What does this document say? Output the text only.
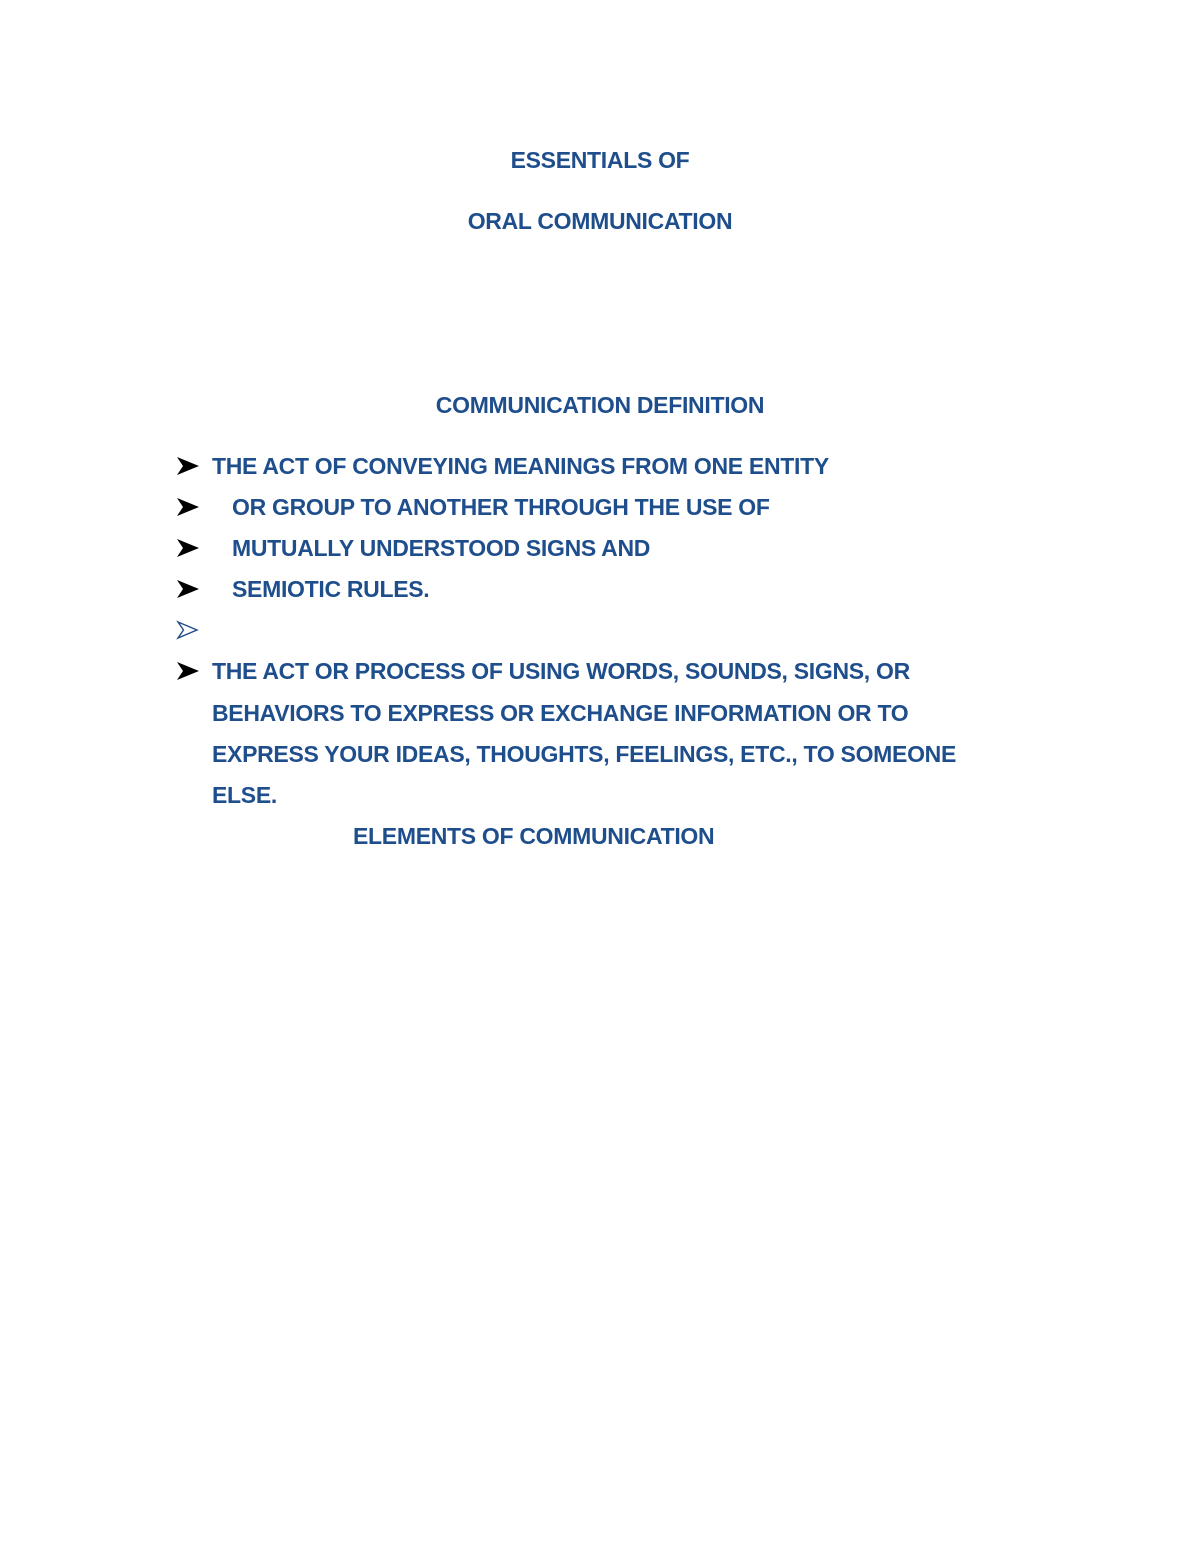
ESSENTIALS OF
ORAL COMMUNICATION
COMMUNICATION DEFINITION
THE ACT OF CONVEYING MEANINGS FROM ONE ENTITY
OR GROUP TO ANOTHER THROUGH THE USE OF
MUTUALLY UNDERSTOOD SIGNS AND
SEMIOTIC RULES.
THE ACT OR PROCESS OF USING WORDS, SOUNDS, SIGNS, OR
BEHAVIORS TO EXPRESS OR EXCHANGE INFORMATION OR TO
EXPRESS YOUR IDEAS, THOUGHTS, FEELINGS, ETC., TO SOMEONE
ELSE.
ELEMENTS OF COMMUNICATION
